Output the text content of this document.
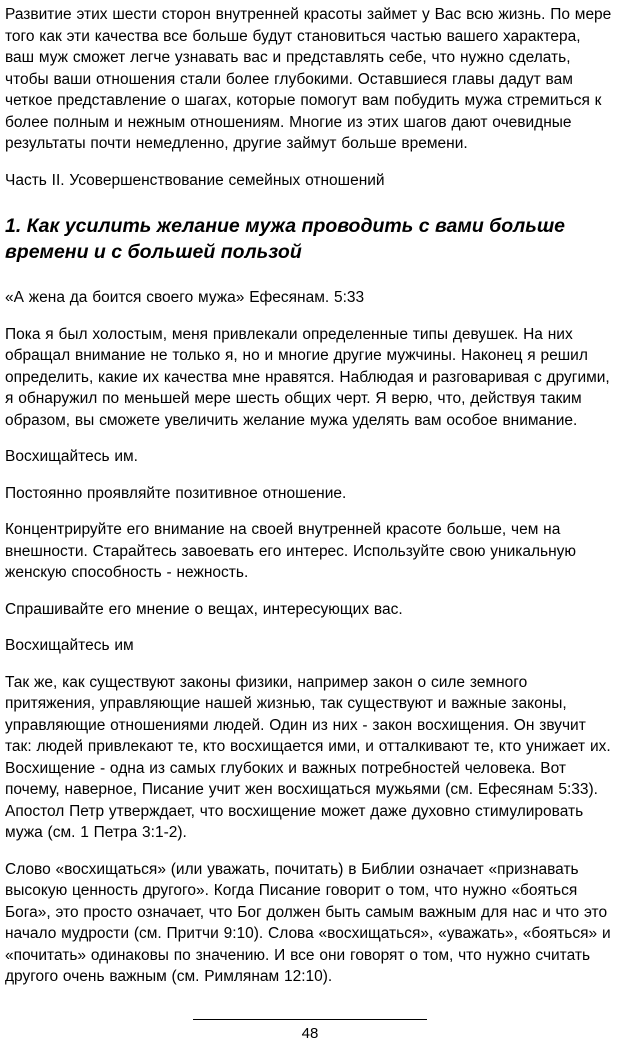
Развитие этих шести сторон внутренней красоты займет у Вас всю жизнь. По мере того как эти качества все больше будут становиться частью вашего характера, ваш муж сможет легче узнавать вас и представлять себе, что нужно сделать, чтобы ваши отношения стали более глубокими. Оставшиеся главы дадут вам четкое представление о шагах, которые помогут вам побудить мужа стремиться к более полным и нежным отношениям. Многие из этих шагов дают очевидные результаты почти немедленно, другие займут больше времени.

Часть II. Усовершенствование семейных отношений

1. Как усилить желание мужа проводить с вами больше времени и с большей пользой

«А жена да боится своего мужа» Ефесянам. 5:33

Пока я был холостым, меня привлекали определенные типы девушек. На них обращал внимание не только я, но и многие другие мужчины. Наконец я решил определить, какие их качества мне нравятся. Наблюдая и разговаривая с другими, я обнаружил по меньшей мере шесть общих черт. Я верю, что, действуя таким образом, вы сможете увеличить желание мужа уделять вам особое внимание.

Восхищайтесь им.

Постоянно проявляйте позитивное отношение.

Концентрируйте его внимание на своей внутренней красоте больше, чем на внешности. Старайтесь завоевать его интерес. Используйте свою уникальную женскую способность - нежность.

Спрашивайте его мнение о вещах, интересующих вас.

Восхищайтесь им

Так же, как существуют законы физики, например закон о силе земного притяжения, управляющие нашей жизнью, так существуют и важные законы, управляющие отношениями людей. Один из них - закон восхищения. Он звучит так: людей привлекают те, кто восхищается ими, и отталкивают те, кто унижает их. Восхищение - одна из самых глубоких и важных потребностей человека. Вот почему, наверное, Писание учит жен восхищаться мужьями (см. Ефесянам 5:33). Апостол Петр утверждает, что восхищение может даже духовно стимулировать мужа (см. 1 Петра 3:1-2).

Слово «восхищаться» (или уважать, почитать) в Библии означает «признавать высокую ценность другого». Когда Писание говорит о том, что нужно «бояться Бога», это просто означает, что Бог должен быть самым важным для нас и что это начало мудрости (см. Притчи 9:10). Слова «восхищаться», «уважать», «бояться» и «почитать» одинаковы по значению. И все они говорят о том, что нужно считать другого очень важным (см. Римлянам 12:10).

48
